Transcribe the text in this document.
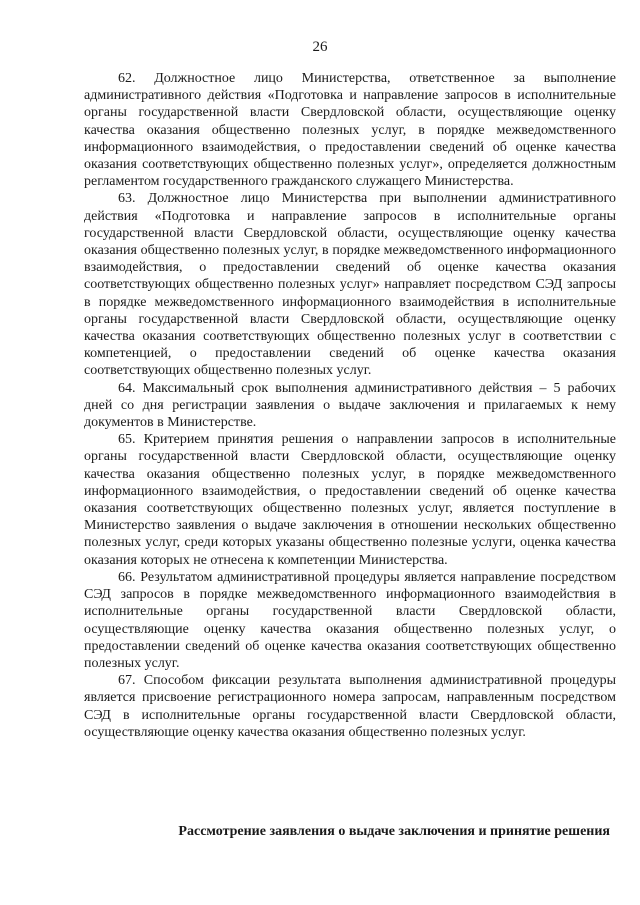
26

62. Должностное лицо Министерства, ответственное за выполнение административного действия «Подготовка и направление запросов в исполнительные органы государственной власти Свердловской области, осуществляющие оценку качества оказания общественно полезных услуг, в порядке межведомственного информационного взаимодействия, о предоставлении сведений об оценке качества оказания соответствующих общественно полезных услуг», определяется должностным регламентом государственного гражданского служащего Министерства.

63. Должностное лицо Министерства при выполнении административного действия «Подготовка и направление запросов в исполнительные органы государственной власти Свердловской области, осуществляющие оценку качества оказания общественно полезных услуг, в порядке межведомственного информационного взаимодействия, о предоставлении сведений об оценке качества оказания соответствующих общественно полезных услуг» направляет посредством СЭД запросы в порядке межведомственного информационного взаимодействия в исполнительные органы государственной власти Свердловской области, осуществляющие оценку качества оказания соответствующих общественно полезных услуг в соответствии с компетенцией, о предоставлении сведений об оценке качества оказания соответствующих общественно полезных услуг.

64. Максимальный срок выполнения административного действия – 5 рабочих дней со дня регистрации заявления о выдаче заключения и прилагаемых к нему документов в Министерстве.

65. Критерием принятия решения о направлении запросов в исполнительные органы государственной власти Свердловской области, осуществляющие оценку качества оказания общественно полезных услуг, в порядке межведомственного информационного взаимодействия, о предоставлении сведений об оценке качества оказания соответствующих общественно полезных услуг, является поступление в Министерство заявления о выдаче заключения в отношении нескольких общественно полезных услуг, среди которых указаны общественно полезные услуги, оценка качества оказания которых не отнесена к компетенции Министерства.

66. Результатом административной процедуры является направление посредством СЭД запросов в порядке межведомственного информационного взаимодействия в исполнительные органы государственной власти Свердловской области, осуществляющие оценку качества оказания общественно полезных услуг, о предоставлении сведений об оценке качества оказания соответствующих общественно полезных услуг.

67. Способом фиксации результата выполнения административной процедуры является присвоение регистрационного номера запросам, направленным посредством СЭД в исполнительные органы государственной власти Свердловской области, осуществляющие оценку качества оказания общественно полезных услуг.

Рассмотрение заявления о выдаче заключения и принятие решения
